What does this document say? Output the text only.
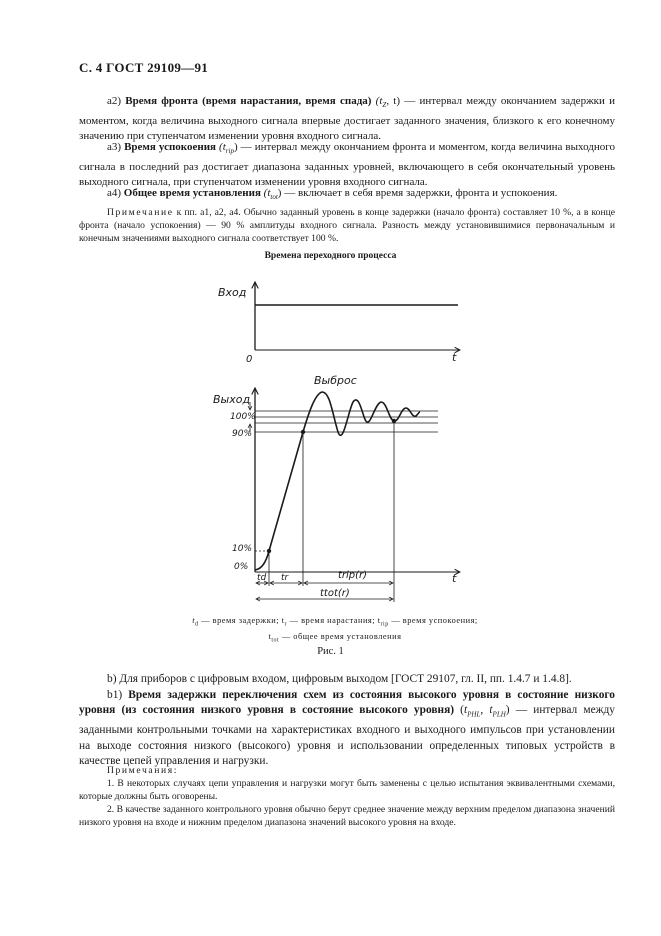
С. 4 ГОСТ 29109—91

а2) Время фронта (время нарастания, время спада) ($t_Z$, t) — интервал между окончанием задержки и моментом, когда величина выходного сигнала впервые достигает заданного значения, близкого к его конечному значению при ступенчатом изменении уровня входного сигнала.

а3) Время успокоения $(t_{rip})$ — интервал между окончанием фронта и моментом, когда величина выходного сигнала в последний раз достигает диапазона заданных уровней, включающего в себя окончательный уровень выходного сигнала, при ступенчатом изменении уровня входного сигнала.

а4) Общее время установления $(t_{tot})$ — включает в себя время задержки, фронта и успокоения.

Примечание к пп. а1, а2, а4. Обычно заданный уровень в конце задержки (начало фронта) составляет 10 %, а в конце фронта (начало успокоения) — 90 % амплитуды входного сигнала. Разность между установившимися первоначальным и конечным значениями выходного сигнала соответствует 100 %.

Времена переходного процесса
Вход
0	t
Выход
Выброс
t
100%
90%
10%
0%
td tr	trip(r)
ttot(r)
$t_d$ — время задержки; $t_r$ — время нарастания; $t_{rip}$ — время успокоения; $t_{tot}$ — общее время установления
Рис. 1

b) Для приборов с цифровым входом, цифровым выходом [ГОСТ 29107, гл. II, пп. 1.4.7 и 1.4.8].

b1) Время задержки переключения схем из состояния высокого уровня в состояние низкого уровня (из состояния низкого уровня в состояние высокого уровня) ($t_{PHL}$, $t_{PLH}$) — интервал между заданными контрольными точками на характеристиках входного и выходного импульсов при установлении на выходе состояния низкого (высокого) уровня и использовании определенных типовых устройств в качестве цепей управления и нагрузки.

Примечания:

1. В некоторых случаях цепи управления и нагрузки могут быть заменены с целью испытания эквивалентными схемами, которые должны быть оговорены.

2. В качестве заданного контрольного уровня обычно берут среднее значение между верхним пределом диапазона значений низкого уровня на входе и нижним пределом диапазона значений высокого уровня на входе.
